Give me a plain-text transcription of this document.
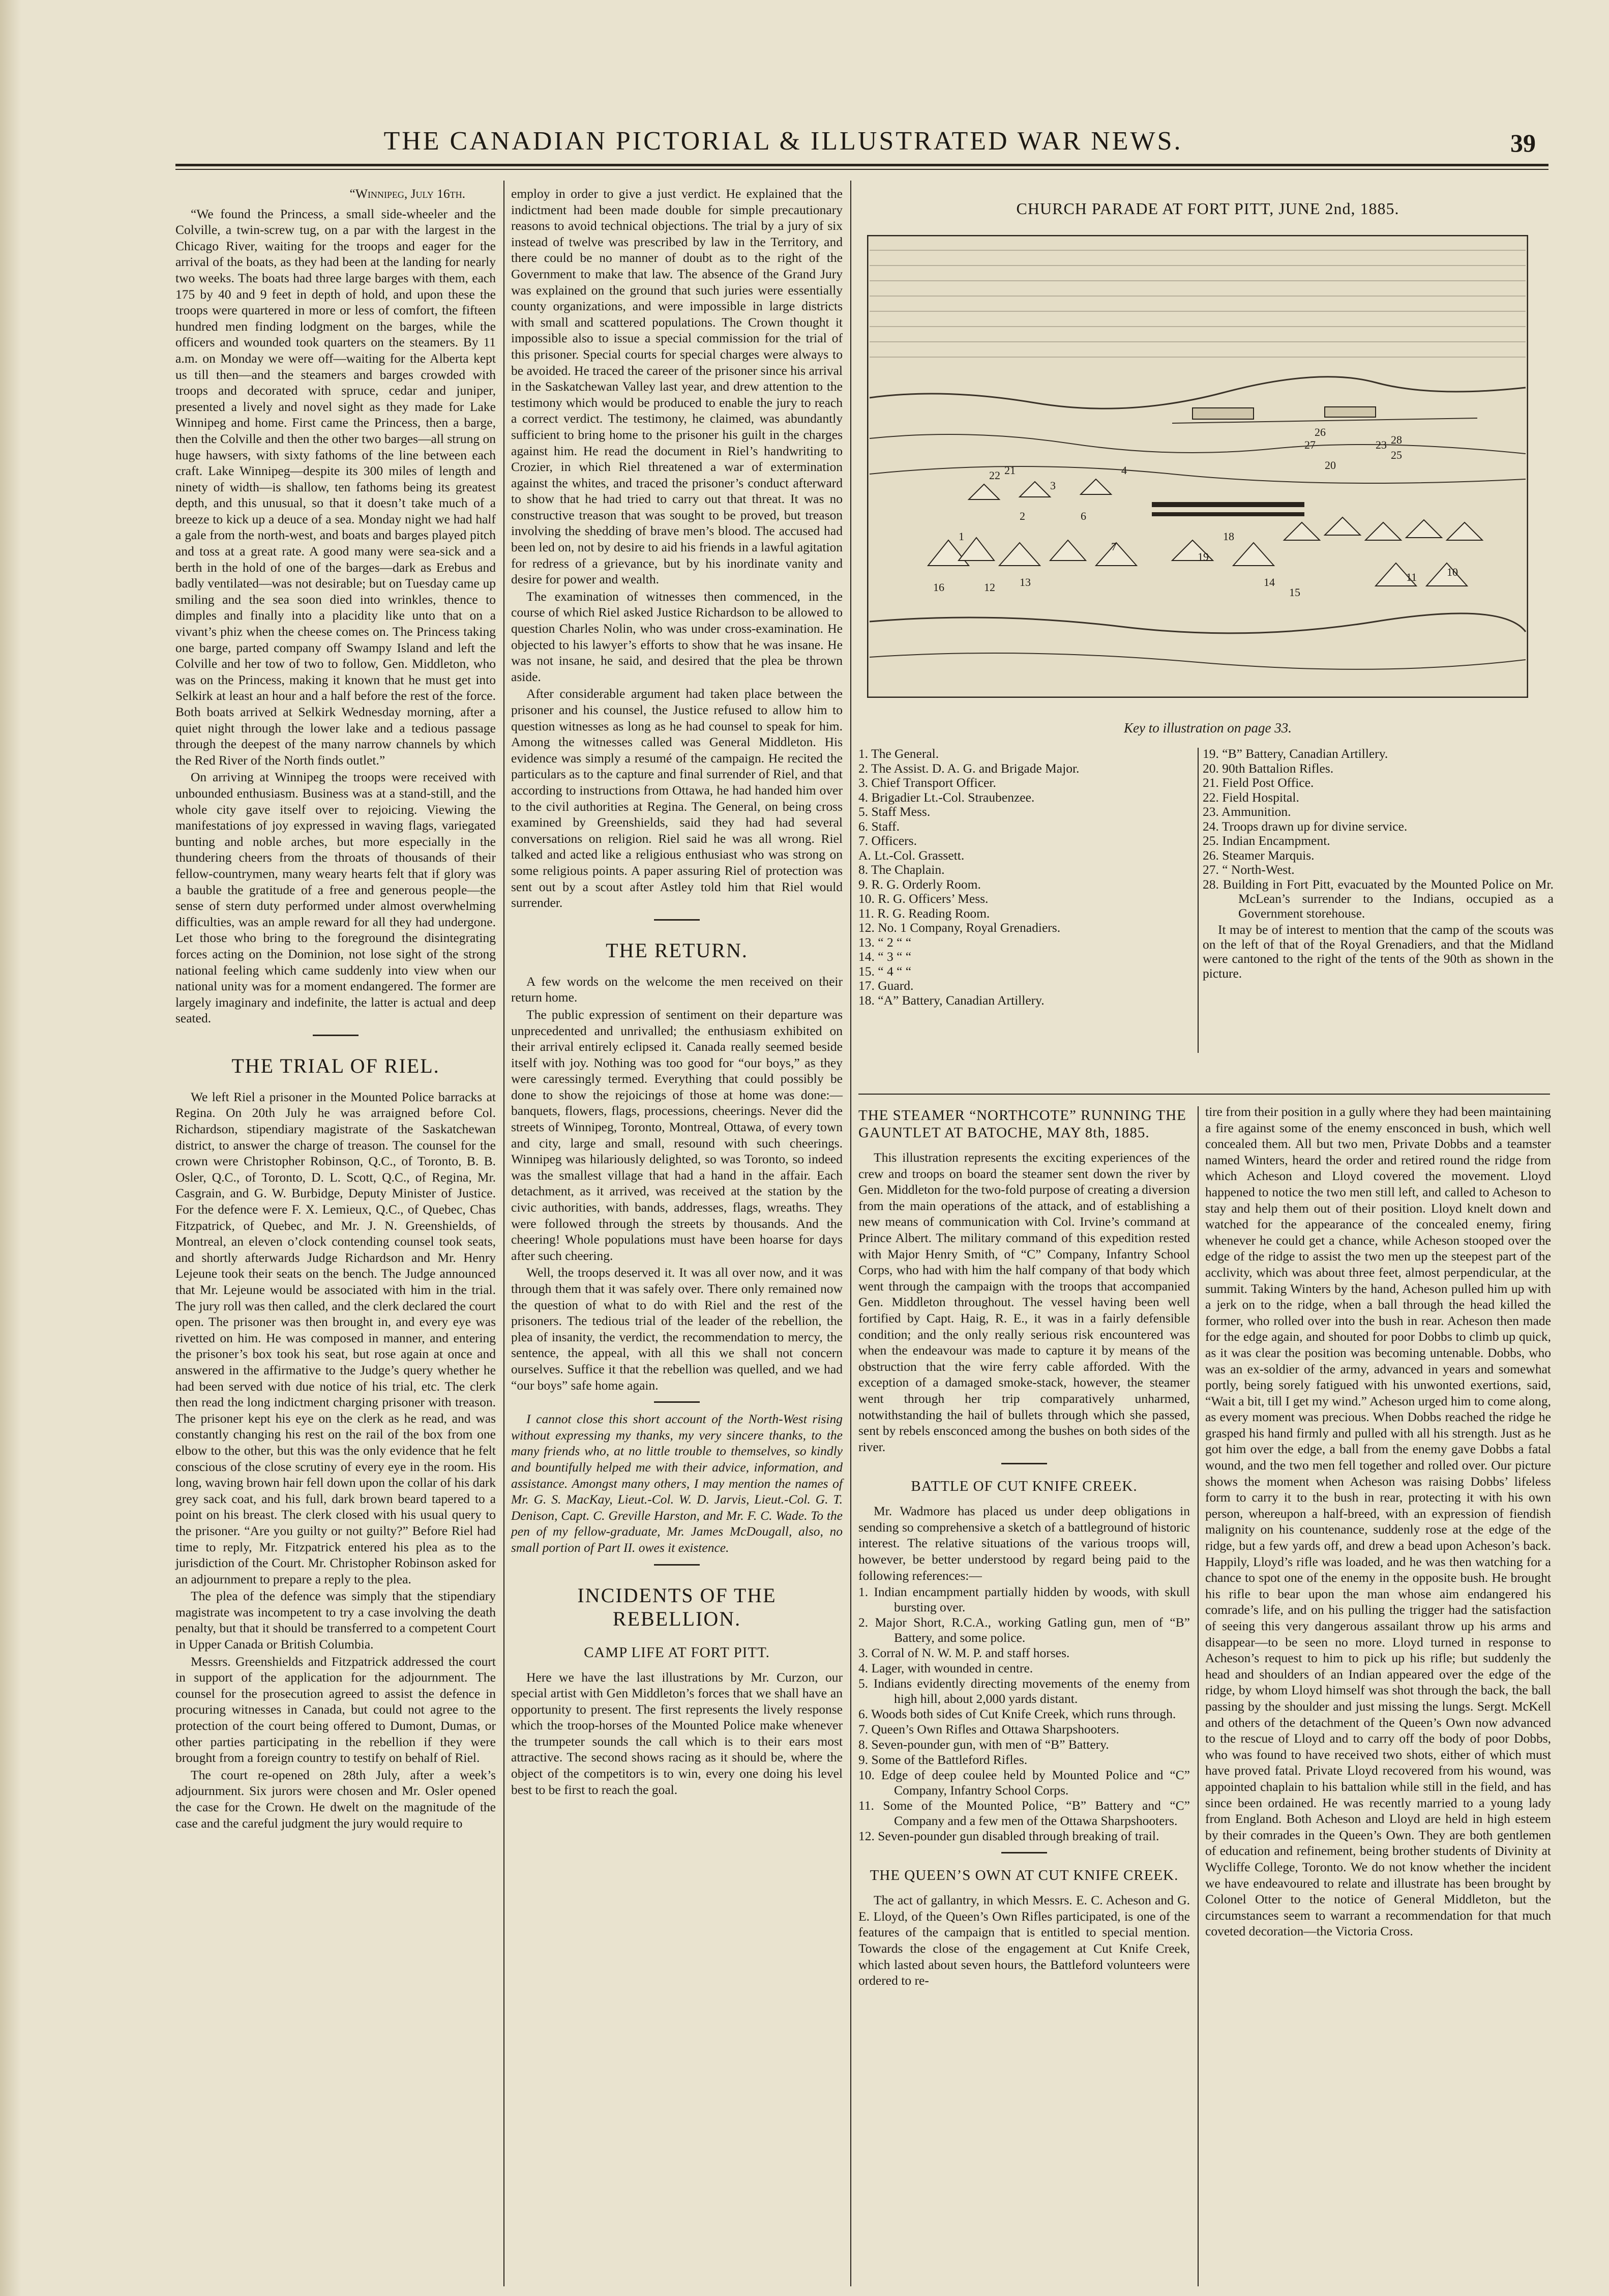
THE CANADIAN PICTORIAL & ILLUSTRATED WAR NEWS.	39
“Winnipeg, July 16th.

“We found the Princess, a small side-wheeler and the Colville, a twin-screw tug, on a par with the largest in the Chicago River, waiting for the troops and eager for the arrival of the boats, as they had been at the landing for nearly two weeks. The boats had three large barges with them, each 175 by 40 and 9 feet in depth of hold, and upon these the troops were quartered in more or less of comfort, the fifteen hundred men finding lodgment on the barges, while the officers and wounded took quarters on the steamers. By 11 a.m. on Monday we were off—waiting for the Alberta kept us till then—and the steamers and barges crowded with troops and decorated with spruce, cedar and juniper, presented a lively and novel sight as they made for Lake Winnipeg and home. First came the Princess, then a barge, then the Colville and then the other two barges—all strung on huge hawsers, with sixty fathoms of the line between each craft. Lake Winnipeg—despite its 300 miles of length and ninety of width—is shallow, ten fathoms being its greatest depth, and this unusual, so that it doesn’t take much of a breeze to kick up a deuce of a sea. Monday night we had half a gale from the north-west, and boats and barges played pitch and toss at a great rate. A good many were sea-sick and a berth in the hold of one of the barges—dark as Erebus and badly ventilated—was not desirable; but on Tuesday came up smiling and the sea soon died into wrinkles, thence to dimples and finally into a placidity like unto that on a vivant’s phiz when the cheese comes on. The Princess taking one barge, parted company off Swampy Island and left the Colville and her tow of two to follow, Gen. Middleton, who was on the Princess, making it known that he must get into Selkirk at least an hour and a half before the rest of the force. Both boats arrived at Selkirk Wednesday morning, after a quiet night through the lower lake and a tedious passage through the deepest of the many narrow channels by which the Red River of the North finds outlet.”

On arriving at Winnipeg the troops were received with unbounded enthusiasm. Business was at a stand-still, and the whole city gave itself over to rejoicing. Viewing the manifestations of joy expressed in waving flags, variegated bunting and noble arches, but more especially in the thundering cheers from the throats of thousands of their fellow-countrymen, many weary hearts felt that if glory was a bauble the gratitude of a free and generous people—the sense of stern duty performed under almost overwhelming difficulties, was an ample reward for all they had undergone. Let those who bring to the foreground the disintegrating forces acting on the Dominion, not lose sight of the strong national feeling which came suddenly into view when our national unity was for a moment endangered. The former are largely imaginary and indefinite, the latter is actual and deep seated.

THE TRIAL OF RIEL.

We left Riel a prisoner in the Mounted Police barracks at Regina. On 20th July he was arraigned before Col. Richardson, stipendiary magistrate of the Saskatchewan district, to answer the charge of treason. The counsel for the crown were Christopher Robinson, Q.C., of Toronto, B. B. Osler, Q.C., of Toronto, D. L. Scott, Q.C., of Regina, Mr. Casgrain, and G. W. Burbidge, Deputy Minister of Justice. For the defence were F. X. Lemieux, Q.C., of Quebec, Chas Fitzpatrick, of Quebec, and Mr. J. N. Greenshields, of Montreal, an eleven o’clock contending counsel took seats, and shortly afterwards Judge Richardson and Mr. Henry Lejeune took their seats on the bench. The Judge announced that Mr. Lejeune would be associated with him in the trial. The jury roll was then called, and the clerk declared the court open. The prisoner was then brought in, and every eye was rivetted on him. He was composed in manner, and entering the prisoner’s box took his seat, but rose again at once and answered in the affirmative to the Judge’s query whether he had been served with due notice of his trial, etc. The clerk then read the long indictment charging prisoner with treason. The prisoner kept his eye on the clerk as he read, and was constantly changing his rest on the rail of the box from one elbow to the other, but this was the only evidence that he felt conscious of the close scrutiny of every eye in the room. His long, waving brown hair fell down upon the collar of his dark grey sack coat, and his full, dark brown beard tapered to a point on his breast. The clerk closed with his usual query to the prisoner. “Are you guilty or not guilty?” Before Riel had time to reply, Mr. Fitzpatrick entered his plea as to the jurisdiction of the Court. Mr. Christopher Robinson asked for an adjournment to prepare a reply to the plea.

The plea of the defence was simply that the stipendiary magistrate was incompetent to try a case involving the death penalty, but that it should be transferred to a competent Court in Upper Canada or British Columbia.

Messrs. Greenshields and Fitzpatrick addressed the court in support of the application for the adjournment. The counsel for the prosecution agreed to assist the defence in procuring witnesses in Canada, but could not agree to the protection of the court being offered to Dumont, Dumas, or other parties participating in the rebellion if they were brought from a foreign country to testify on behalf of Riel.

The court re-opened on 28th July, after a week’s adjournment. Six jurors were chosen and Mr. Osler opened the case for the Crown. He dwelt on the magnitude of the case and the careful judgment the jury would require to

employ in order to give a just verdict. He explained that the indictment had been made double for simple precautionary reasons to avoid technical objections. The trial by a jury of six instead of twelve was prescribed by law in the Territory, and there could be no manner of doubt as to the right of the Government to make that law. The absence of the Grand Jury was explained on the ground that such juries were essentially county organizations, and were impossible in large districts with small and scattered populations. The Crown thought it impossible also to issue a special commission for the trial of this prisoner. Special courts for special charges were always to be avoided. He traced the career of the prisoner since his arrival in the Saskatchewan Valley last year, and drew attention to the testimony which would be produced to enable the jury to reach a correct verdict. The testimony, he claimed, was abundantly sufficient to bring home to the prisoner his guilt in the charges against him. He read the document in Riel’s handwriting to Crozier, in which Riel threatened a war of extermination against the whites, and traced the prisoner’s conduct afterward to show that he had tried to carry out that threat. It was no constructive treason that was sought to be proved, but treason involving the shedding of brave men’s blood. The accused had been led on, not by desire to aid his friends in a lawful agitation for redress of a grievance, but by his inordinate vanity and desire for power and wealth.

The examination of witnesses then commenced, in the course of which Riel asked Justice Richardson to be allowed to question Charles Nolin, who was under cross-examination. He objected to his lawyer’s efforts to show that he was insane. He was not insane, he said, and desired that the plea be thrown aside.

After considerable argument had taken place between the prisoner and his counsel, the Justice refused to allow him to question witnesses as long as he had counsel to speak for him. Among the witnesses called was General Middleton. His evidence was simply a resumé of the campaign. He recited the particulars as to the capture and final surrender of Riel, and that according to instructions from Ottawa, he had handed him over to the civil authorities at Regina. The General, on being cross examined by Greenshields, said they had had several conversations on religion. Riel said he was all wrong. Riel talked and acted like a religious enthusiast who was strong on some religious points. A paper assuring Riel of protection was sent out by a scout after Astley told him that Riel would surrender.

THE RETURN.

A few words on the welcome the men received on their return home.

The public expression of sentiment on their departure was unprecedented and unrivalled; the enthusiasm exhibited on their arrival entirely eclipsed it. Canada really seemed beside itself with joy. Nothing was too good for “our boys,” as they were caressingly termed. Everything that could possibly be done to show the rejoicings of those at home was done:—banquets, flowers, flags, processions, cheerings. Never did the streets of Winnipeg, Toronto, Montreal, Ottawa, of every town and city, large and small, resound with such cheerings. Winnipeg was hilariously delighted, so was Toronto, so indeed was the smallest village that had a hand in the affair. Each detachment, as it arrived, was received at the station by the civic authorities, with bands, addresses, flags, wreaths. They were followed through the streets by thousands. And the cheering! Whole populations must have been hoarse for days after such cheering.

Well, the troops deserved it. It was all over now, and it was through them that it was safely over. There only remained now the question of what to do with Riel and the rest of the prisoners. The tedious trial of the leader of the rebellion, the plea of insanity, the verdict, the recommendation to mercy, the sentence, the appeal, with all this we shall not concern ourselves. Suffice it that the rebellion was quelled, and we had “our boys” safe home again.

I cannot close this short account of the North-West rising without expressing my thanks, my very sincere thanks, to the many friends who, at no little trouble to themselves, so kindly and bountifully helped me with their advice, information, and assistance. Amongst many others, I may mention the names of Mr. G. S. MacKay, Lieut.-Col. W. D. Jarvis, Lieut.-Col. G. T. Denison, Capt. C. Greville Harston, and Mr. F. C. Wade. To the pen of my fellow-graduate, Mr. James McDougall, also, no small portion of Part II. owes it existence.

INCIDENTS OF THE REBELLION.
CAMP LIFE AT FORT PITT.

Here we have the last illustrations by Mr. Curzon, our special artist with Gen Middleton’s forces that we shall have an opportunity to present. The first represents the lively response which the troop-horses of the Mounted Police make whenever the trumpeter sounds the call which is to their ears most attractive. The second shows racing as it should be, where the object of the competitors is to win, every one doing his level best to be first to reach the goal.

CHURCH PARADE AT FORT PITT, JUNE 2nd, 1885.
1
2
3
4
6
7
10
11
12 13	14
15
16
18
19
20
21
22
23
25
26
27	28
Key to illustration on page 33.
1. The General.
2. The Assist. D. A. G. and Brigade Major.
3. Chief Transport Officer.
4. Brigadier Lt.-Col. Straubenzee.
5. Staff Mess.
6. Staff.
7. Officers.
A. Lt.-Col. Grassett.
8. The Chaplain.
9. R. G. Orderly Room.
10. R. G. Officers’ Mess.
11. R. G. Reading Room.
12. No. 1 Company, Royal Grenadiers.
13. “ 2 “ “
14. “ 3 “ “
15. “ 4 “ “
17. Guard.
18. “A” Battery, Canadian Artillery.
19. “B” Battery, Canadian Artillery.
20. 90th Battalion Rifles.
21. Field Post Office.
22. Field Hospital.
23. Ammunition.
24. Troops drawn up for divine service.
25. Indian Encampment.
26. Steamer Marquis.
27. “ North-West.
28. Building in Fort Pitt, evacuated by the Mounted Police on Mr. McLean’s surrender to the Indians, occupied as a Government storehouse.

It may be of interest to mention that the camp of the scouts was on the left of that of the Royal Grenadiers, and that the Midland were cantoned to the right of the tents of the 90th as shown in the picture.

THE STEAMER “NORTHCOTE” RUNNING THE GAUNTLET AT BATOCHE, MAY 8th, 1885.

This illustration represents the exciting experiences of the crew and troops on board the steamer sent down the river by Gen. Middleton for the two-fold purpose of creating a diversion from the main operations of the attack, and of establishing a new means of communication with Col. Irvine’s command at Prince Albert. The military command of this expedition rested with Major Henry Smith, of “C” Company, Infantry School Corps, who had with him the half company of that body which went through the campaign with the troops that accompanied Gen. Middleton throughout. The vessel having been well fortified by Capt. Haig, R. E., it was in a fairly defensible condition; and the only really serious risk encountered was when the endeavour was made to capture it by means of the obstruction that the wire ferry cable afforded. With the exception of a damaged smoke-stack, however, the steamer went through her trip comparatively unharmed, notwithstanding the hail of bullets through which she passed, sent by rebels ensconced among the bushes on both sides of the river.

BATTLE OF CUT KNIFE CREEK.

Mr. Wadmore has placed us under deep obligations in sending so comprehensive a sketch of a battleground of historic interest. The relative situations of the various troops will, however, be better understood by regard being paid to the following references:—

1. Indian encampment partially hidden by woods, with skull bursting over.
2. Major Short, R.C.A., working Gatling gun, men of “B” Battery, and some police.
3. Corral of N. W. M. P. and staff horses.
4. Lager, with wounded in centre.
5. Indians evidently directing movements of the enemy from high hill, about 2,000 yards distant.
6. Woods both sides of Cut Knife Creek, which runs through.
7. Queen’s Own Rifles and Ottawa Sharpshooters.
8. Seven-pounder gun, with men of “B” Battery.
9. Some of the Battleford Rifles.
10. Edge of deep coulee held by Mounted Police and “C” Company, Infantry School Corps.
11. Some of the Mounted Police, “B” Battery and “C” Company and a few men of the Ottawa Sharpshooters.
12. Seven-pounder gun disabled through breaking of trail.
THE QUEEN’S OWN AT CUT KNIFE CREEK.

The act of gallantry, in which Messrs. E. C. Acheson and G. E. Lloyd, of the Queen’s Own Rifles participated, is one of the features of the campaign that is entitled to special mention. Towards the close of the engagement at Cut Knife Creek, which lasted about seven hours, the Battleford volunteers were ordered to re-

tire from their position in a gully where they had been maintaining a fire against some of the enemy ensconced in bush, which well concealed them. All but two men, Private Dobbs and a teamster named Winters, heard the order and retired round the ridge from which Acheson and Lloyd covered the movement. Lloyd happened to notice the two men still left, and called to Acheson to stay and help them out of their position. Lloyd knelt down and watched for the appearance of the concealed enemy, firing whenever he could get a chance, while Acheson stooped over the edge of the ridge to assist the two men up the steepest part of the acclivity, which was about three feet, almost perpendicular, at the summit. Taking Winters by the hand, Acheson pulled him up with a jerk on to the ridge, when a ball through the head killed the former, who rolled over into the bush in rear. Acheson then made for the edge again, and shouted for poor Dobbs to climb up quick, as it was clear the position was becoming untenable. Dobbs, who was an ex-soldier of the army, advanced in years and somewhat portly, being sorely fatigued with his unwonted exertions, said, “Wait a bit, till I get my wind.” Acheson urged him to come along, as every moment was precious. When Dobbs reached the ridge he grasped his hand firmly and pulled with all his strength. Just as he got him over the edge, a ball from the enemy gave Dobbs a fatal wound, and the two men fell together and rolled over. Our picture shows the moment when Acheson was raising Dobbs’ lifeless form to carry it to the bush in rear, protecting it with his own person, whereupon a half-breed, with an expression of fiendish malignity on his countenance, suddenly rose at the edge of the ridge, but a few yards off, and drew a bead upon Acheson’s back. Happily, Lloyd’s rifle was loaded, and he was then watching for a chance to spot one of the enemy in the opposite bush. He brought his rifle to bear upon the man whose aim endangered his comrade’s life, and on his pulling the trigger had the satisfaction of seeing this very dangerous assailant throw up his arms and disappear—to be seen no more. Lloyd turned in response to Acheson’s request to him to pick up his rifle; but suddenly the head and shoulders of an Indian appeared over the edge of the ridge, by whom Lloyd himself was shot through the back, the ball passing by the shoulder and just missing the lungs. Sergt. McKell and others of the detachment of the Queen’s Own now advanced to the rescue of Lloyd and to carry off the body of poor Dobbs, who was found to have received two shots, either of which must have proved fatal. Private Lloyd recovered from his wound, was appointed chaplain to his battalion while still in the field, and has since been ordained. He was recently married to a young lady from England. Both Acheson and Lloyd are held in high esteem by their comrades in the Queen’s Own. They are both gentlemen of education and refinement, being brother students of Divinity at Wycliffe College, Toronto. We do not know whether the incident we have endeavoured to relate and illustrate has been brought by Colonel Otter to the notice of General Middleton, but the circumstances seem to warrant a recommendation for that much coveted decoration—the Victoria Cross.
